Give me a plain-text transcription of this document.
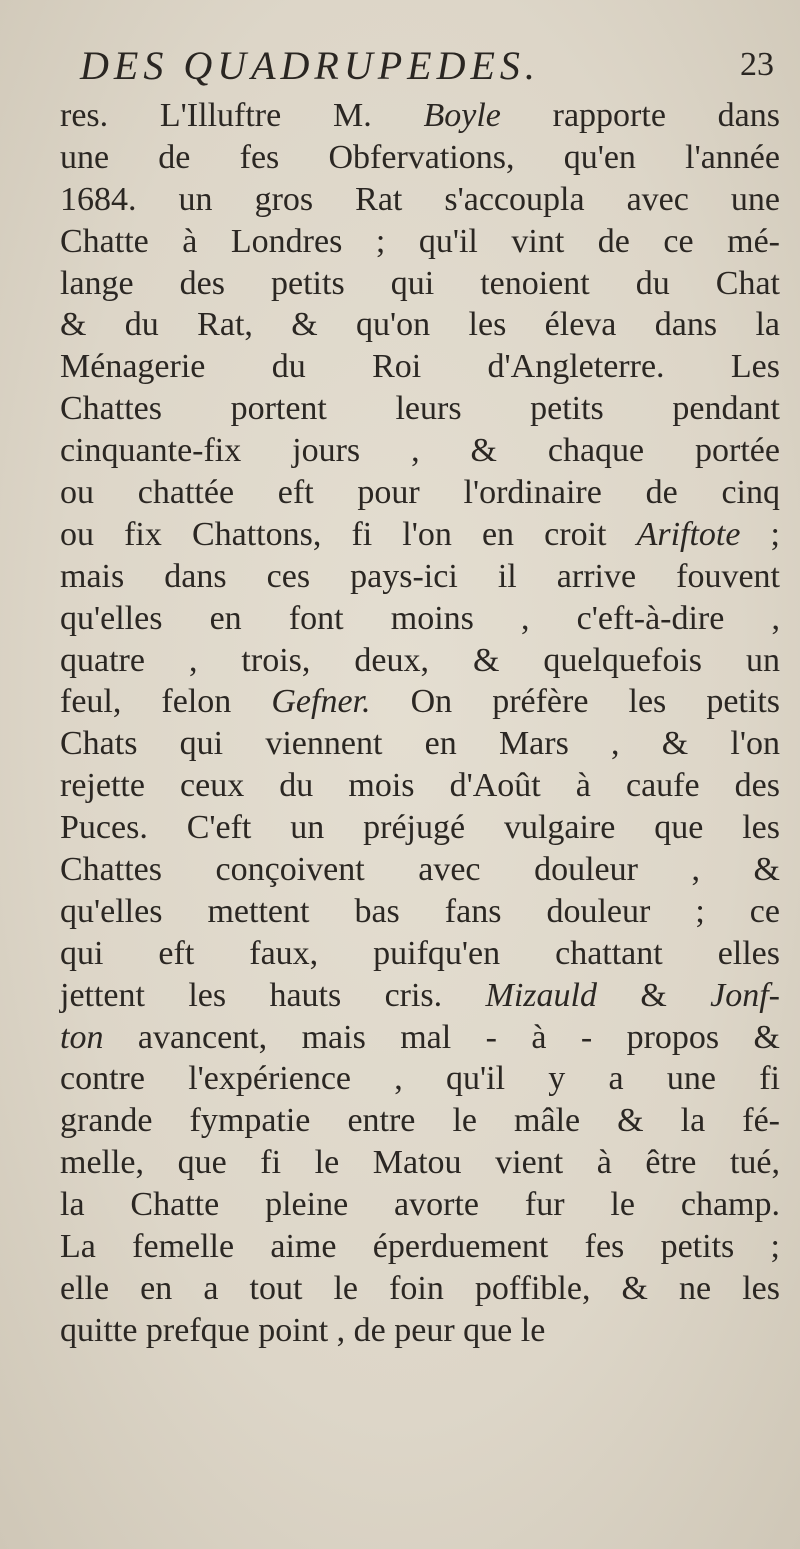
DES QUADRUPEDES.	23
res. L'Illuftre M. Boyle rapporte dans
une de fes Obfervations, qu'en l'année
1684. un gros Rat s'accoupla avec une
Chatte à Londres ; qu'il vint de ce mé-
lange des petits qui tenoient du Chat
& du Rat, & qu'on les éleva dans la
Ménagerie du Roi d'Angleterre. Les
Chattes portent leurs petits pendant
cinquante-fix jours , & chaque portée
ou chattée eft pour l'ordinaire de cinq
ou fix Chattons, fi l'on en croit Ariftote ;
mais dans ces pays-ici il arrive fouvent
qu'elles en font moins , c'eft-à-dire ,
quatre , trois, deux, & quelquefois un
feul, felon Gefner. On préfère les petits
Chats qui viennent en Mars , & l'on
rejette ceux du mois d'Août à caufe des
Puces. C'eft un préjugé vulgaire que les
Chattes conçoivent avec douleur , &
qu'elles mettent bas fans douleur ; ce
qui eft faux, puifqu'en chattant elles
jettent les hauts cris. Mizauld & Jonf-
ton avancent, mais mal - à - propos &
contre l'expérience , qu'il y a une fi
grande fympatie entre le mâle & la fé-
melle, que fi le Matou vient à être tué,
la Chatte pleine avorte fur le champ.
La femelle aime éperduement fes petits ;
elle en a tout le foin poffible, & ne les
quitte prefque point , de peur que le
